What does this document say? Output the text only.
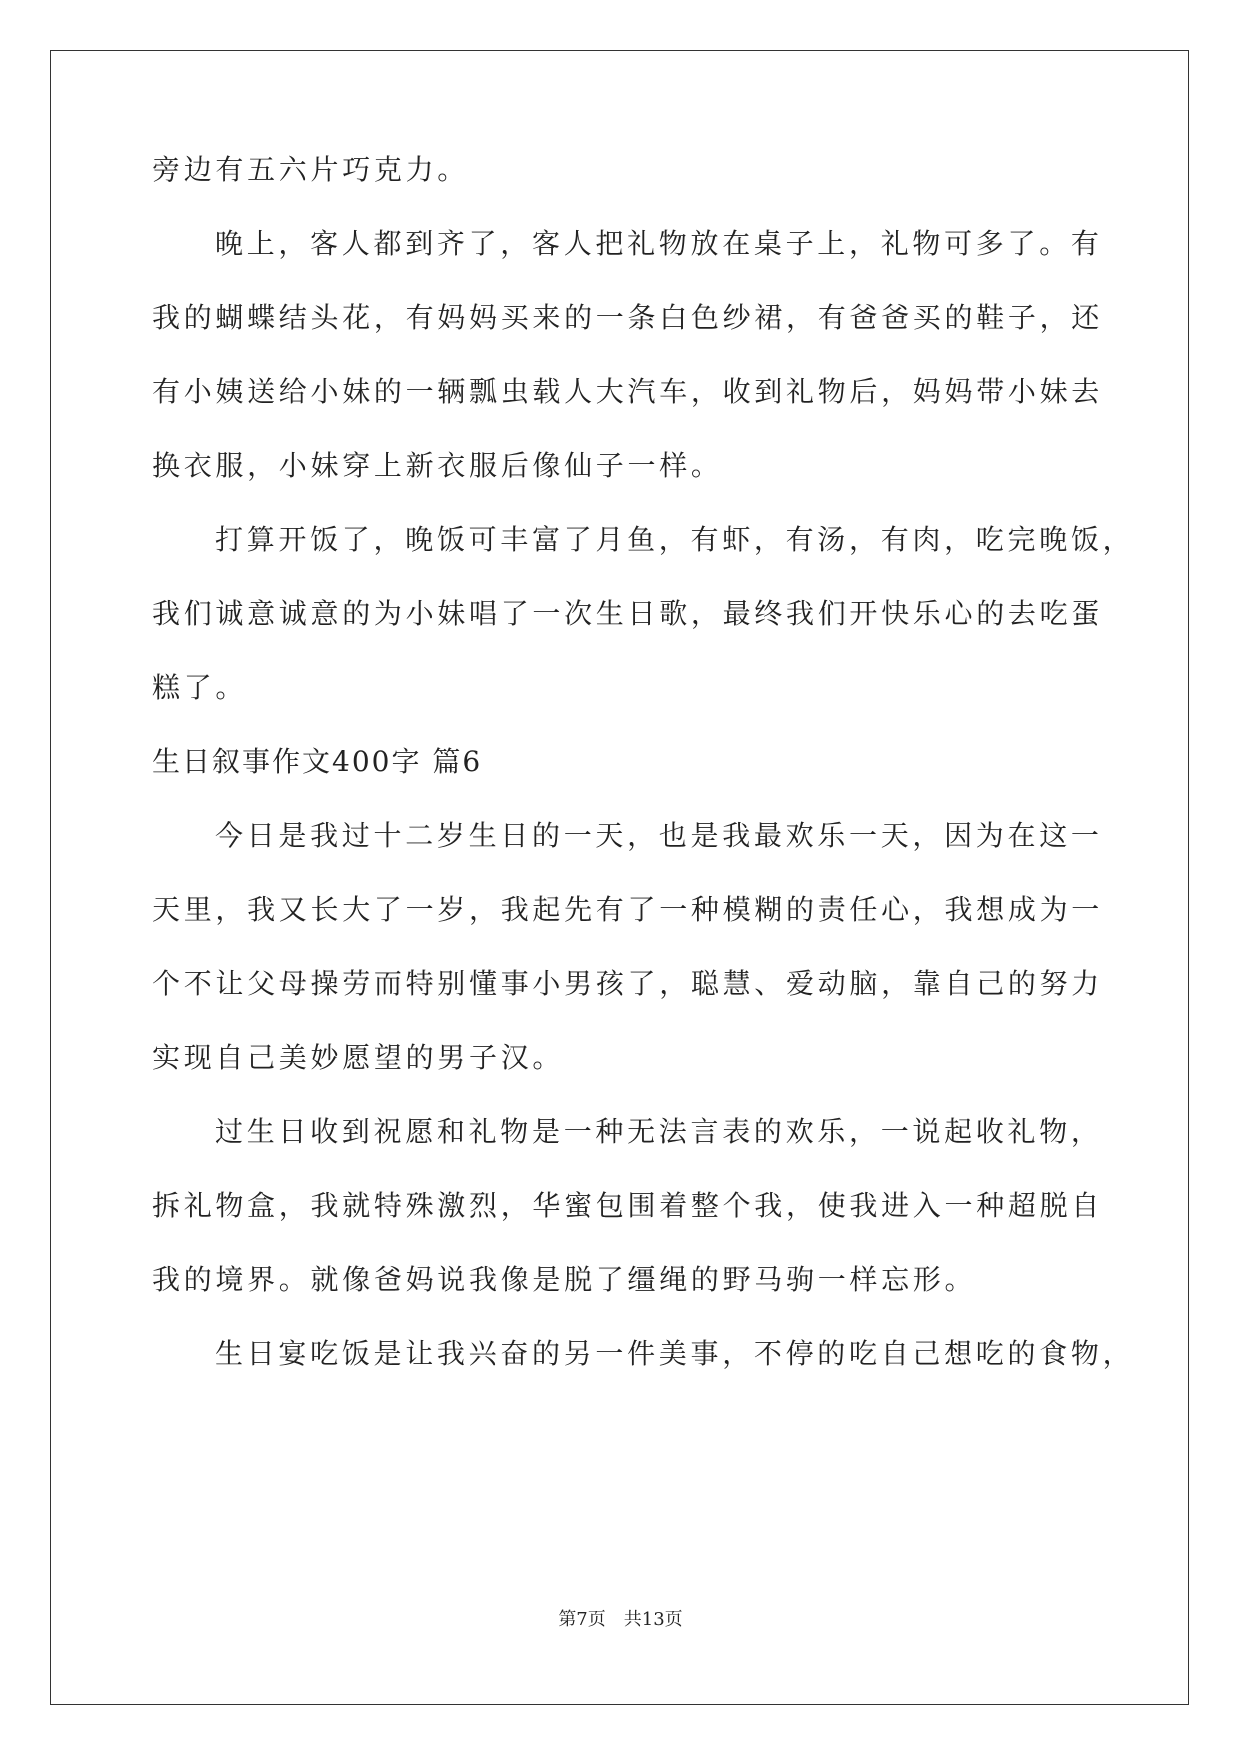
旁边有五六片巧克力。
晚上，客人都到齐了，客人把礼物放在桌子上，礼物可多了。有
我的蝴蝶结头花，有妈妈买来的一条白色纱裙，有爸爸买的鞋子，还
有小姨送给小妹的一辆瓢虫载人大汽车，收到礼物后，妈妈带小妹去
换衣服，小妹穿上新衣服后像仙子一样。
打算开饭了，晚饭可丰富了月鱼，有虾，有汤，有肉，吃完晚饭，
我们诚意诚意的为小妹唱了一次生日歌，最终我们开快乐心的去吃蛋
糕了。
生日叙事作文400字 篇6
今日是我过十二岁生日的一天，也是我最欢乐一天，因为在这一
天里，我又长大了一岁，我起先有了一种模糊的责任心，我想成为一
个不让父母操劳而特别懂事小男孩了，聪慧、爱动脑，靠自己的努力
实现自己美妙愿望的男子汉。
过生日收到祝愿和礼物是一种无法言表的欢乐，一说起收礼物，
拆礼物盒，我就特殊激烈，华蜜包围着整个我，使我进入一种超脱自
我的境界。就像爸妈说我像是脱了缰绳的野马驹一样忘形。
生日宴吃饭是让我兴奋的另一件美事，不停的吃自己想吃的食物，
第7页　共13页
